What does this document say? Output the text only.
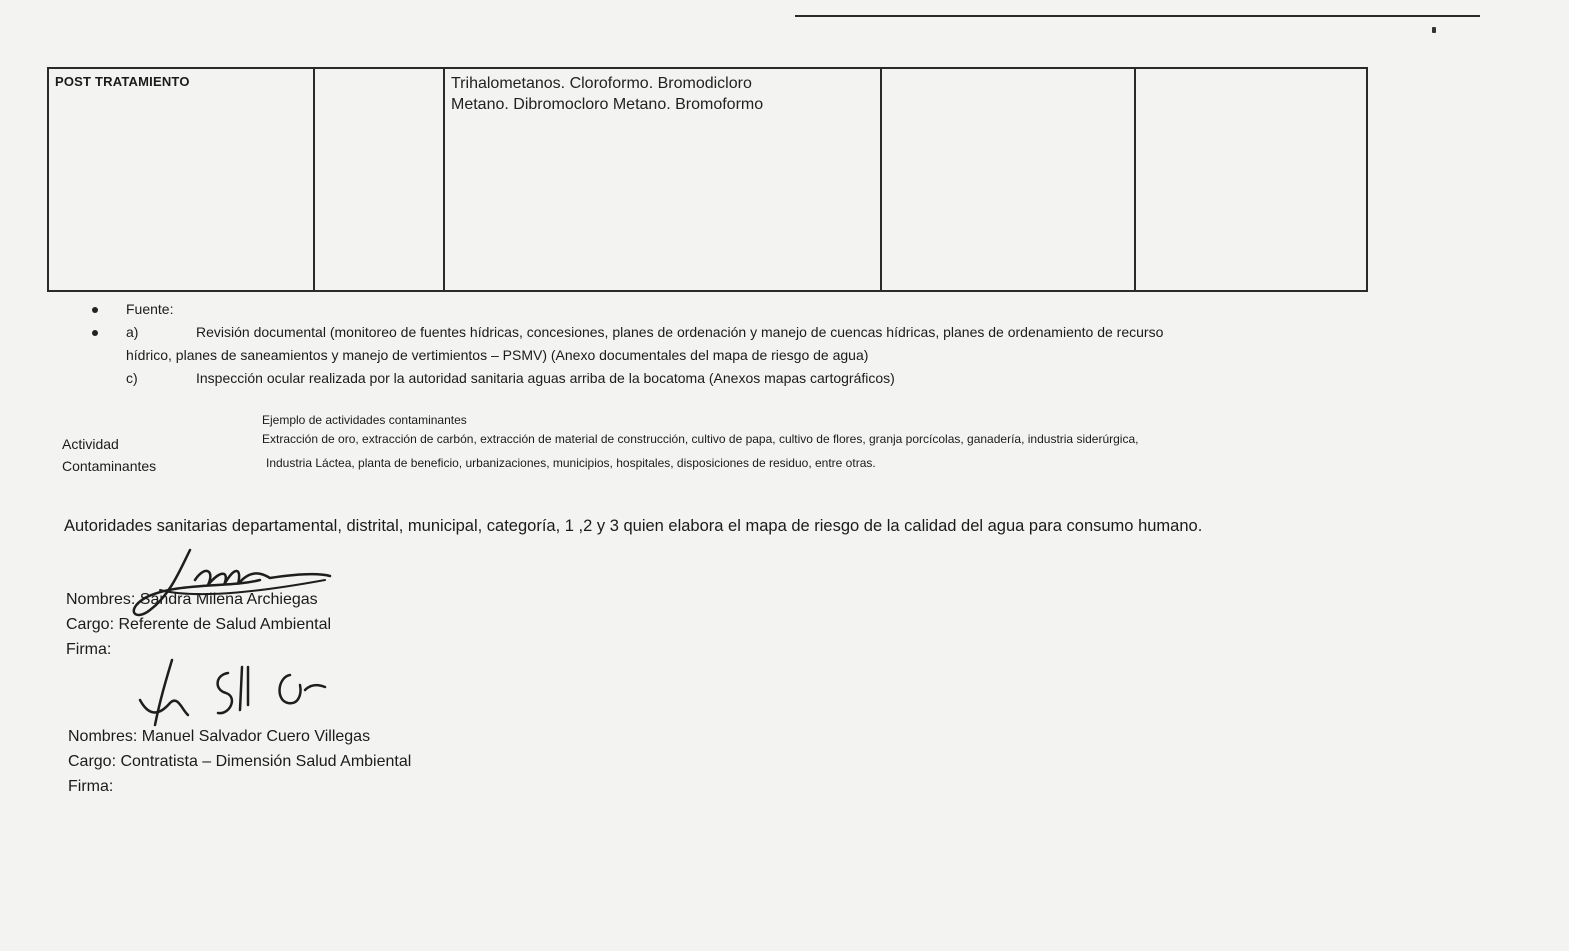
POST TRATAMIENTO		Trihalometanos. Cloroformo. Bromodicloro
Metano. Dibromocloro Metano. Bromoformo

Fuente:
a)	Revisión documental (monitoreo de fuentes hídricas, concesiones, planes de ordenación y manejo de cuencas hídricas, planes de ordenamiento de recurso
hídrico, planes de saneamientos y manejo de vertimientos – PSMV) (Anexo documentales del mapa de riesgo de agua)
c)	Inspección ocular realizada por la autoridad sanitaria aguas arriba de la bocatoma (Anexos mapas cartográficos)
Ejemplo de actividades contaminantes
Actividad
Contaminantes
Extracción de oro, extracción de carbón, extracción de material de construcción, cultivo de papa, cultivo de flores, granja porcícolas, ganadería, industria siderúrgica,
Industria Láctea, planta de beneficio, urbanizaciones, municipios, hospitales, disposiciones de residuo, entre otras.
Autoridades sanitarias departamental, distrital, municipal, categoría, 1 ,2 y 3 quien elabora el mapa de riesgo de la calidad del agua para consumo humano.
Nombres: Sandra Milena Archiegas
Cargo: Referente de Salud Ambiental
Firma:
Nombres: Manuel Salvador Cuero Villegas
Cargo: Contratista – Dimensión Salud Ambiental
Firma:
